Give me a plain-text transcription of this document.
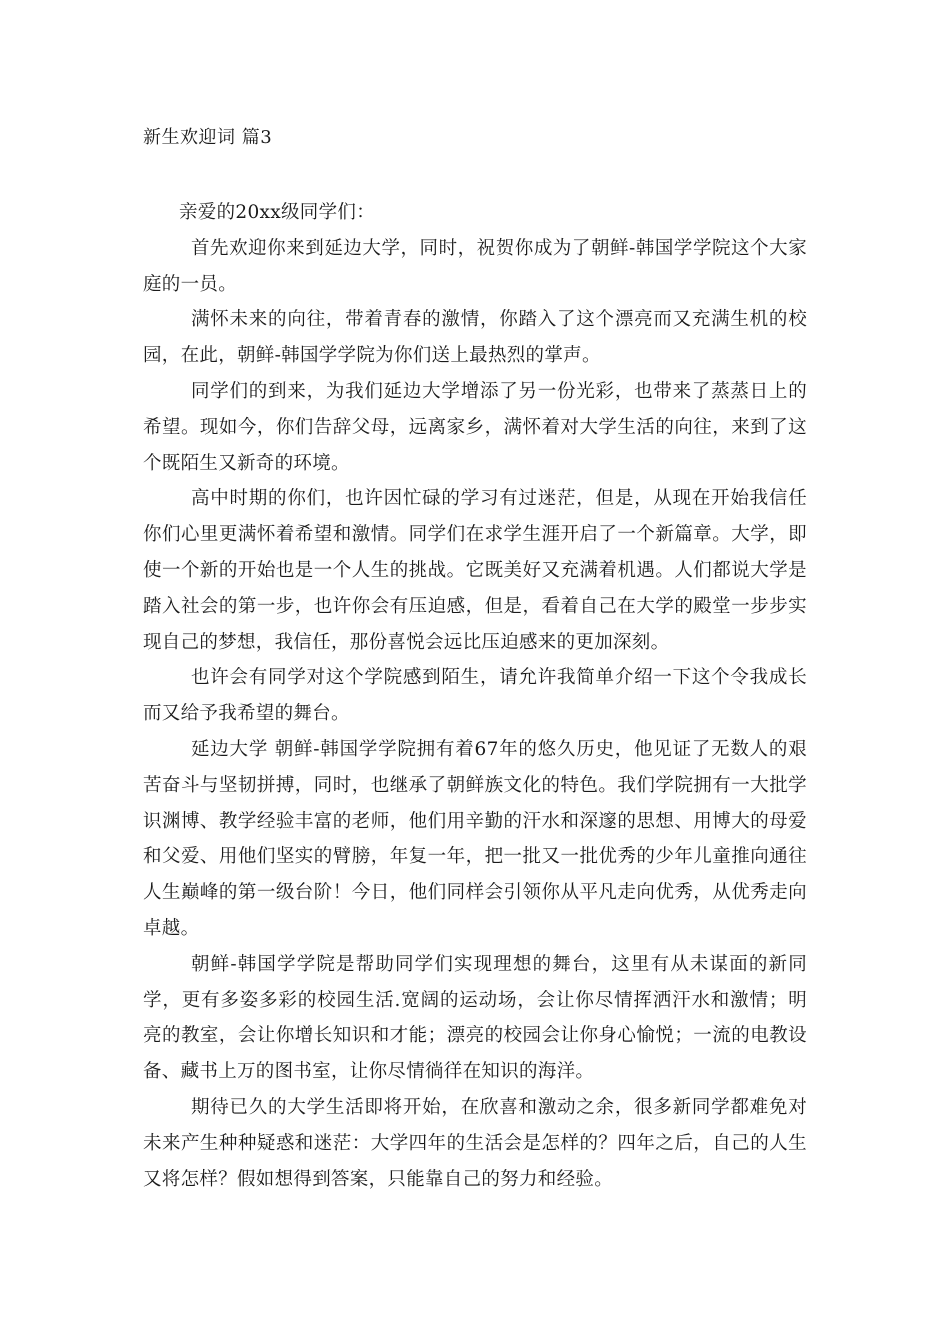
新生欢迎词 篇3

亲爱的20xx级同学们：

首先欢迎你来到延边大学，同时，祝贺你成为了朝鲜-韩国学学院这个大家庭的一员。

满怀未来的向往，带着青春的激情，你踏入了这个漂亮而又充满生机的校园，在此，朝鲜-韩国学学院为你们送上最热烈的掌声。

同学们的到来，为我们延边大学增添了另一份光彩，也带来了蒸蒸日上的希望。现如今，你们告辞父母，远离家乡，满怀着对大学生活的向往，来到了这个既陌生又新奇的环境。

高中时期的你们，也许因忙碌的学习有过迷茫，但是，从现在开始我信任你们心里更满怀着希望和激情。同学们在求学生涯开启了一个新篇章。大学，即使一个新的开始也是一个人生的挑战。它既美好又充满着机遇。人们都说大学是踏入社会的第一步，也许你会有压迫感，但是，看着自己在大学的殿堂一步步实现自己的梦想，我信任，那份喜悦会远比压迫感来的更加深刻。

也许会有同学对这个学院感到陌生，请允许我简单介绍一下这个令我成长而又给予我希望的舞台。

延边大学 朝鲜-韩国学学院拥有着67年的悠久历史，他见证了无数人的艰苦奋斗与坚韧拼搏，同时，也继承了朝鲜族文化的特色。我们学院拥有一大批学识渊博、教学经验丰富的老师，他们用辛勤的汗水和深邃的思想、用博大的母爱和父爱、用他们坚实的臂膀，年复一年，把一批又一批优秀的少年儿童推向通往人生巅峰的第一级台阶！今日，他们同样会引领你从平凡走向优秀，从优秀走向卓越。

朝鲜-韩国学学院是帮助同学们实现理想的舞台，这里有从未谋面的新同学，更有多姿多彩的校园生活.宽阔的运动场，会让你尽情挥洒汗水和激情；明亮的教室，会让你增长知识和才能；漂亮的校园会让你身心愉悦；一流的电教设备、藏书上万的图书室，让你尽情徜徉在知识的海洋。

期待已久的大学生活即将开始，在欣喜和激动之余，很多新同学都难免对未来产生种种疑惑和迷茫：大学四年的生活会是怎样的？四年之后，自己的人生又将怎样？假如想得到答案，只能靠自己的努力和经验。
